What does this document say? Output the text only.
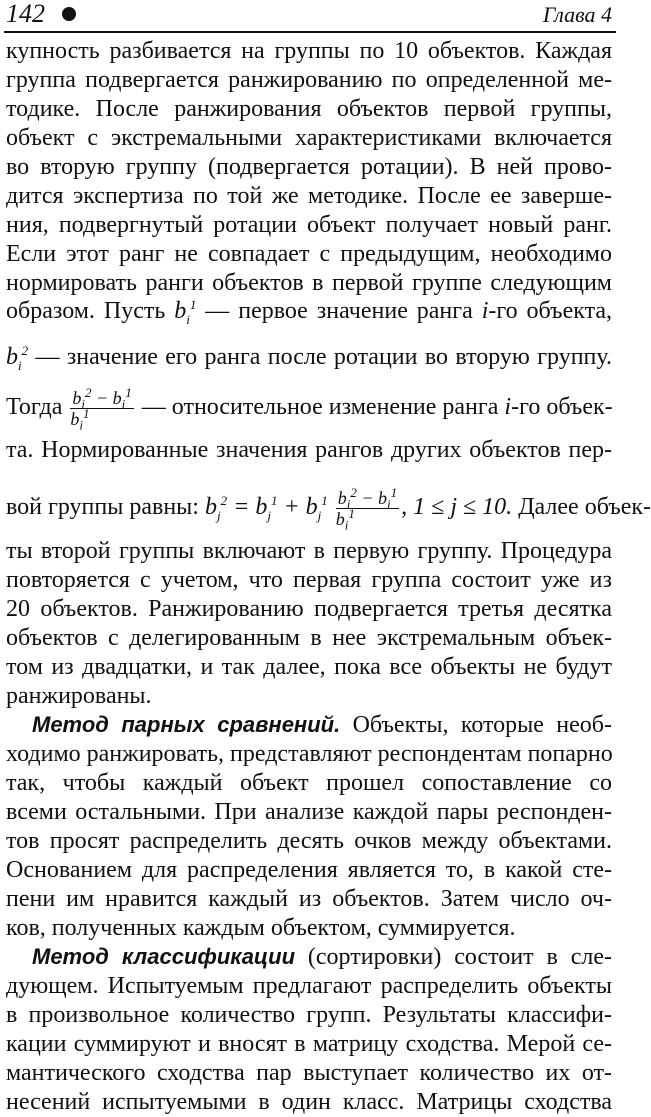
142	Глава 4
купность разбивается на группы по 10 объектов. Каждая
группа подвергается ранжированию по определенной ме-
тодике. После ранжирования объектов первой группы,
объект с экстремальными характеристиками включается
во вторую группу (подвергается ротации). В ней прово-
дится экспертиза по той же методике. После ее заверше-
ния, подвергнутый ротации объект получает новый ранг.
Если этот ранг не совпадает с предыдущим, необходимо
нормировать ранги объектов в первой группе следующим
образом. Пусть $b_i^1$ — первое значение ранга i-го объекта,
$b_i^2$ — значение его ранга после ротации во вторую группу.
Тогда $\frac{b_i^2 - b_i^1}{b_i^1}$ — относительное изменение ранга i-го объек-
та. Нормированные значения рангов других объектов пер-
вой группы равны: $b_j^2 = b_j^1 + b_j^1 \frac{b_i^2 - b_i^1}{b_i^1}$ , 1 ≤ j ≤ 10. Далее объек-
ты второй группы включают в первую группу. Процедура
повторяется с учетом, что первая группа состоит уже из
20 объектов. Ранжированию подвергается третья десятка
объектов с делегированным в нее экстремальным объек-
том из двадцатки, и так далее, пока все объекты не будут
ранжированы.
Метод парных сравнений. Объекты, которые необ-
ходимо ранжировать, представляют респондентам попарно
так, чтобы каждый объект прошел сопоставление со
всеми остальными. При анализе каждой пары респонден-
тов просят распределить десять очков между объектами.
Основанием для распределения является то, в какой сте-
пени им нравится каждый из объектов. Затем число оч-
ков, полученных каждым объектом, суммируется.
Метод классификации (сортировки) состоит в сле-
дующем. Испытуемым предлагают распределить объекты
в произвольное количество групп. Результаты классифи-
кации суммируют и вносят в матрицу сходства. Мерой се-
мантического сходства пар выступает количество их от-
несений испытуемыми в один класс. Матрицы сходства
